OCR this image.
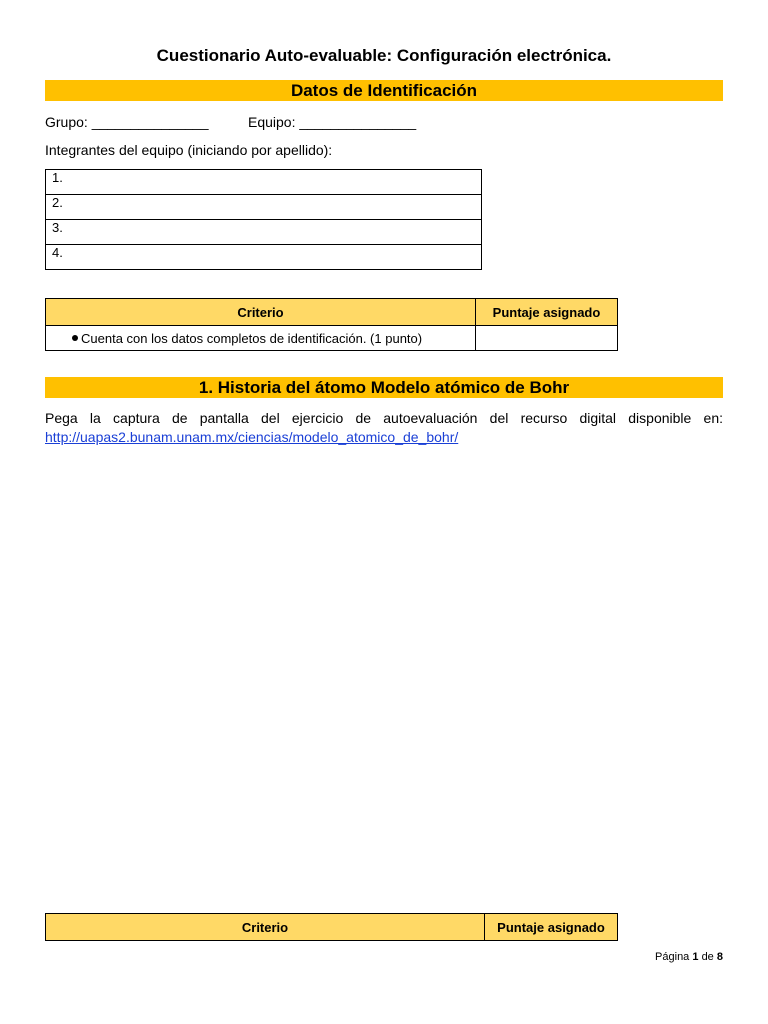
Cuestionario Auto-evaluable: Configuración electrónica.
Datos de Identificación
Grupo: _______________	Equipo: _______________
Integrantes del equipo (iniciando por apellido):
1.
2.
3.
4.
Criterio	Puntaje asignado
Cuenta con los datos completos de identificación. (1 punto)	
1. Historia del átomo Modelo atómico de Bohr
Pega la captura de pantalla del ejercicio de autoevaluación del recurso digital disponible en:
http://uapas2.bunam.unam.mx/ciencias/modelo_atomico_de_bohr/
Criterio	Puntaje asignado
Página 1 de 8
